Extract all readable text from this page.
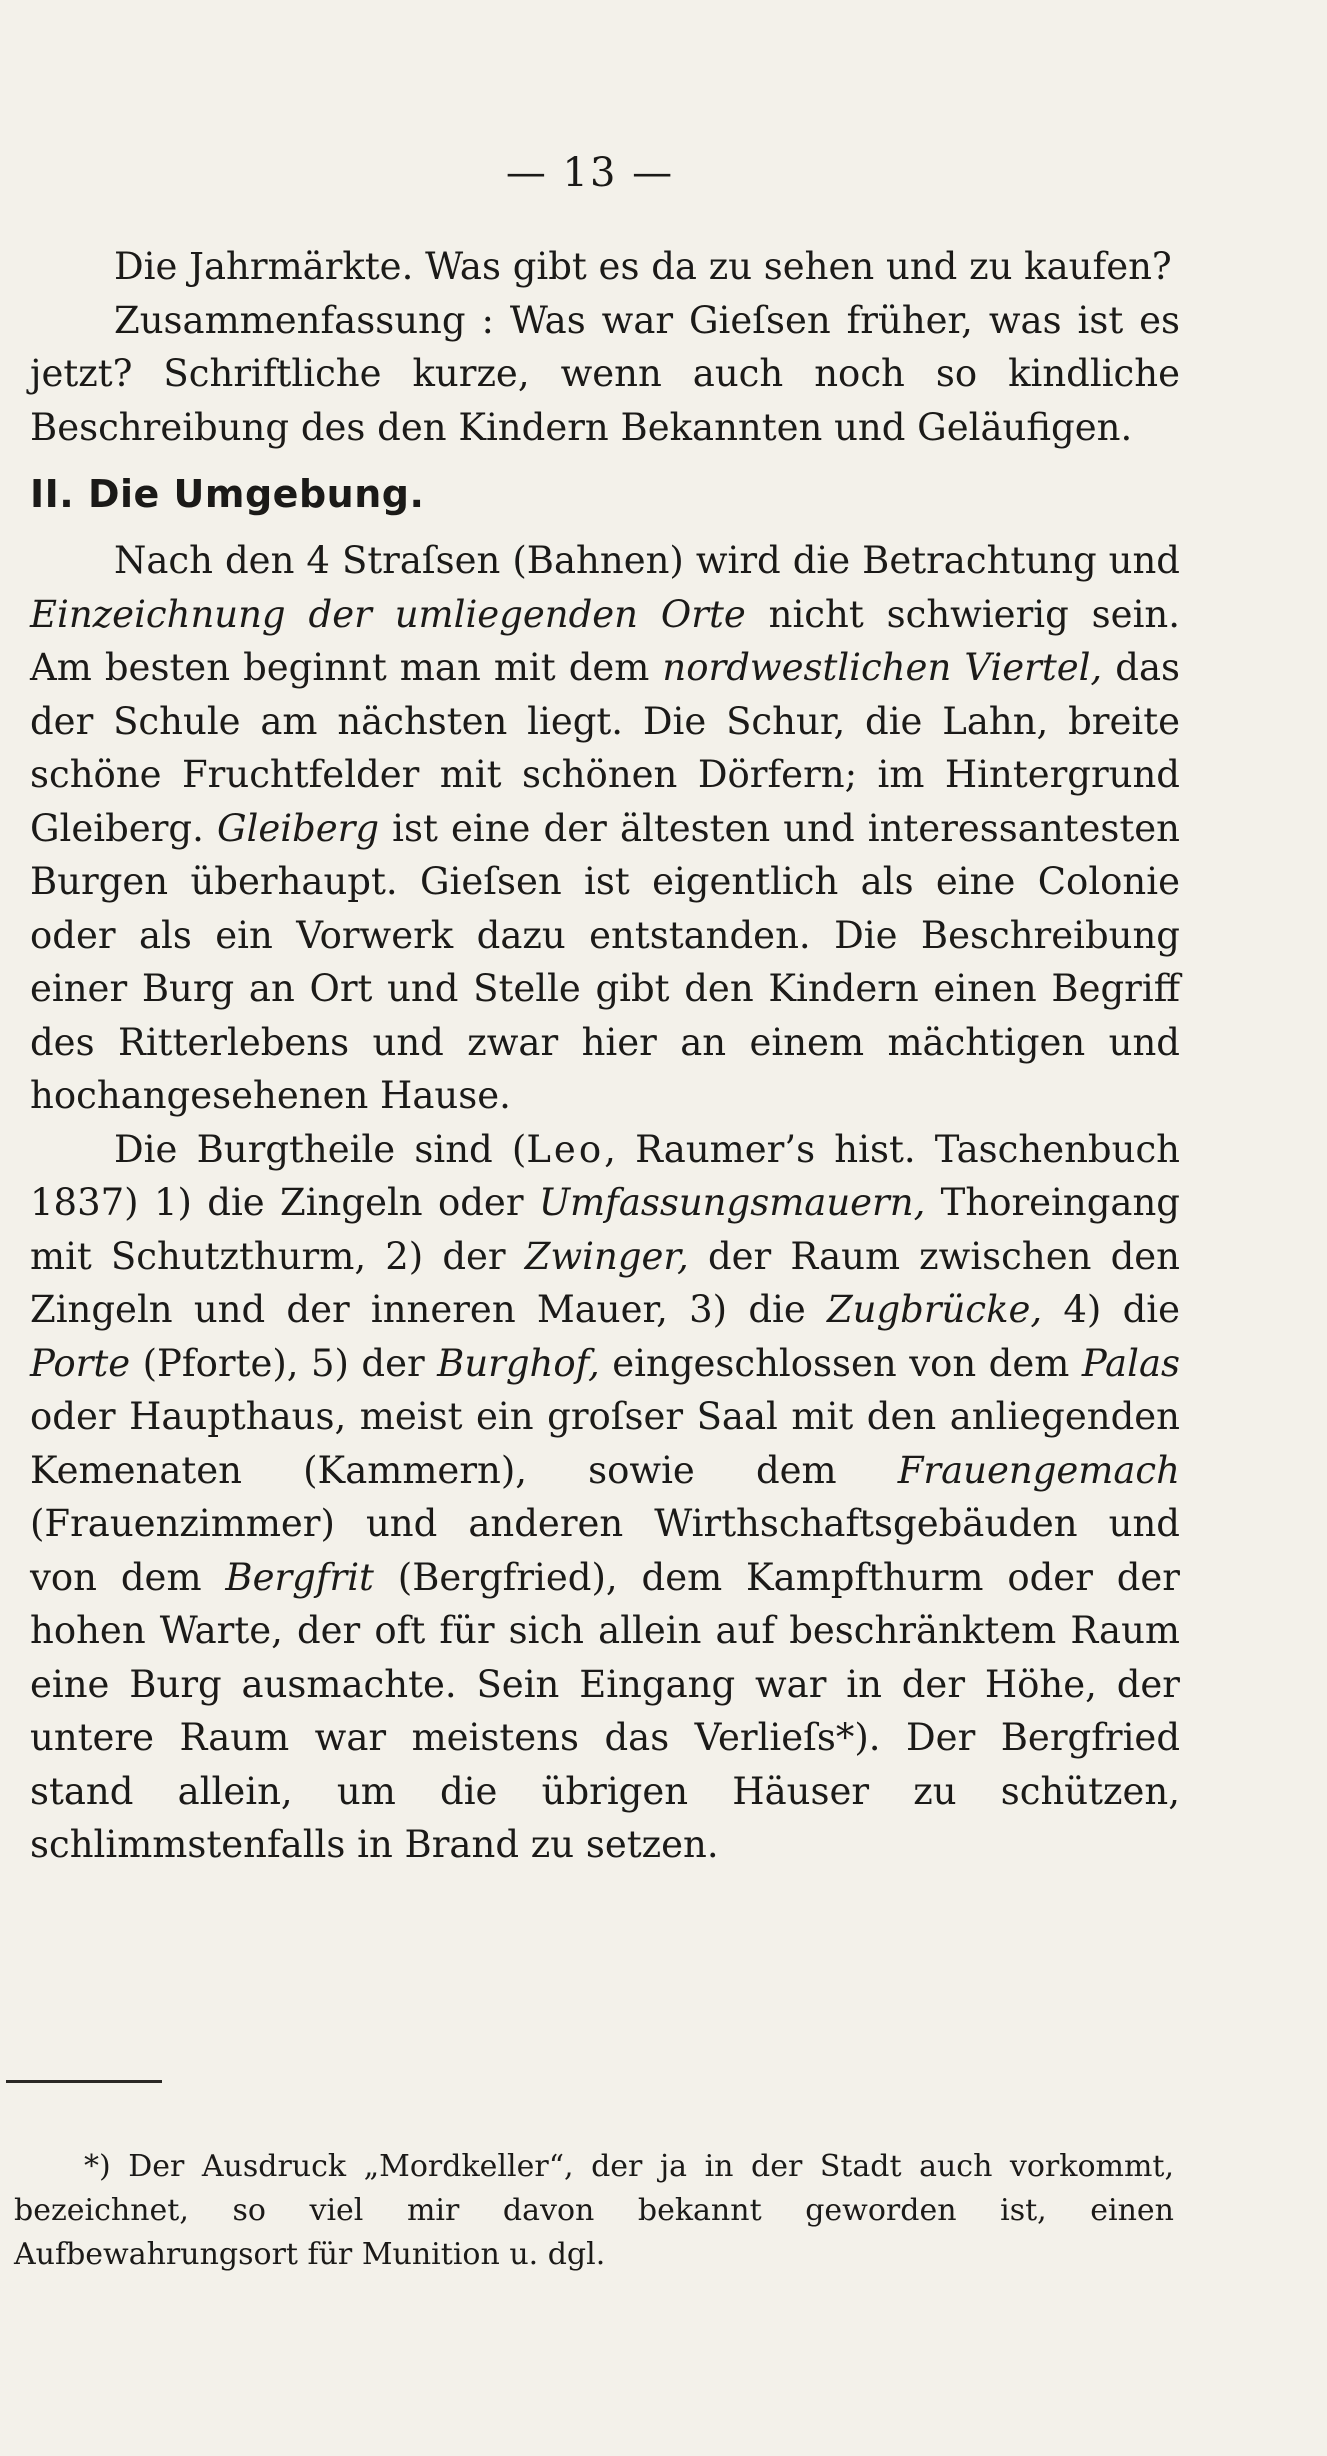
— 13 —

Die Jahrmärkte. Was gibt es da zu sehen und zu kaufen?

Zusammenfassung : Was war Gieſsen früher, was ist es jetzt? Schriftliche kurze, wenn auch noch so kindliche Beschreibung des den Kindern Bekannten und Geläufigen.

II. Die Umgebung.

Nach den 4 Straſsen (Bahnen) wird die Betrachtung und Einzeichnung der umliegenden Orte nicht schwierig sein. Am besten beginnt man mit dem nordwestlichen Viertel, das der Schule am nächsten liegt. Die Schur, die Lahn, breite schöne Fruchtfelder mit schönen Dörfern; im Hintergrund Gleiberg. Gleiberg ist eine der ältesten und interessantesten Burgen überhaupt. Gieſsen ist eigentlich als eine Colonie oder als ein Vorwerk dazu entstanden. Die Beschreibung einer Burg an Ort und Stelle gibt den Kindern einen Begriff des Ritterlebens und zwar hier an einem mächtigen und hochangesehenen Hause.

Die Burgtheile sind (Leo, Raumer’s hist. Taschenbuch 1837) 1) die Zingeln oder Umfassungsmauern, Thoreingang mit Schutzthurm, 2) der Zwinger, der Raum zwischen den Zingeln und der inneren Mauer, 3) die Zugbrücke, 4) die Porte (Pforte), 5) der Burghof, eingeschlossen von dem Palas oder Haupthaus, meist ein groſser Saal mit den anliegenden Kemenaten (Kammern), sowie dem Frauengemach (Frauenzimmer) und anderen Wirthschaftsgebäuden und von dem Bergfrit (Bergfried), dem Kampfthurm oder der hohen Warte, der oft für sich allein auf beschränktem Raum eine Burg ausmachte. Sein Eingang war in der Höhe, der untere Raum war meistens das Verlieſs*). Der Bergfried stand allein, um die übrigen Häuser zu schützen, schlimmstenfalls in Brand zu setzen.

*) Der Ausdruck „Mordkeller“, der ja in der Stadt auch vorkommt, bezeichnet, so viel mir davon bekannt geworden ist, einen Aufbewahrungsort für Munition u. dgl.
